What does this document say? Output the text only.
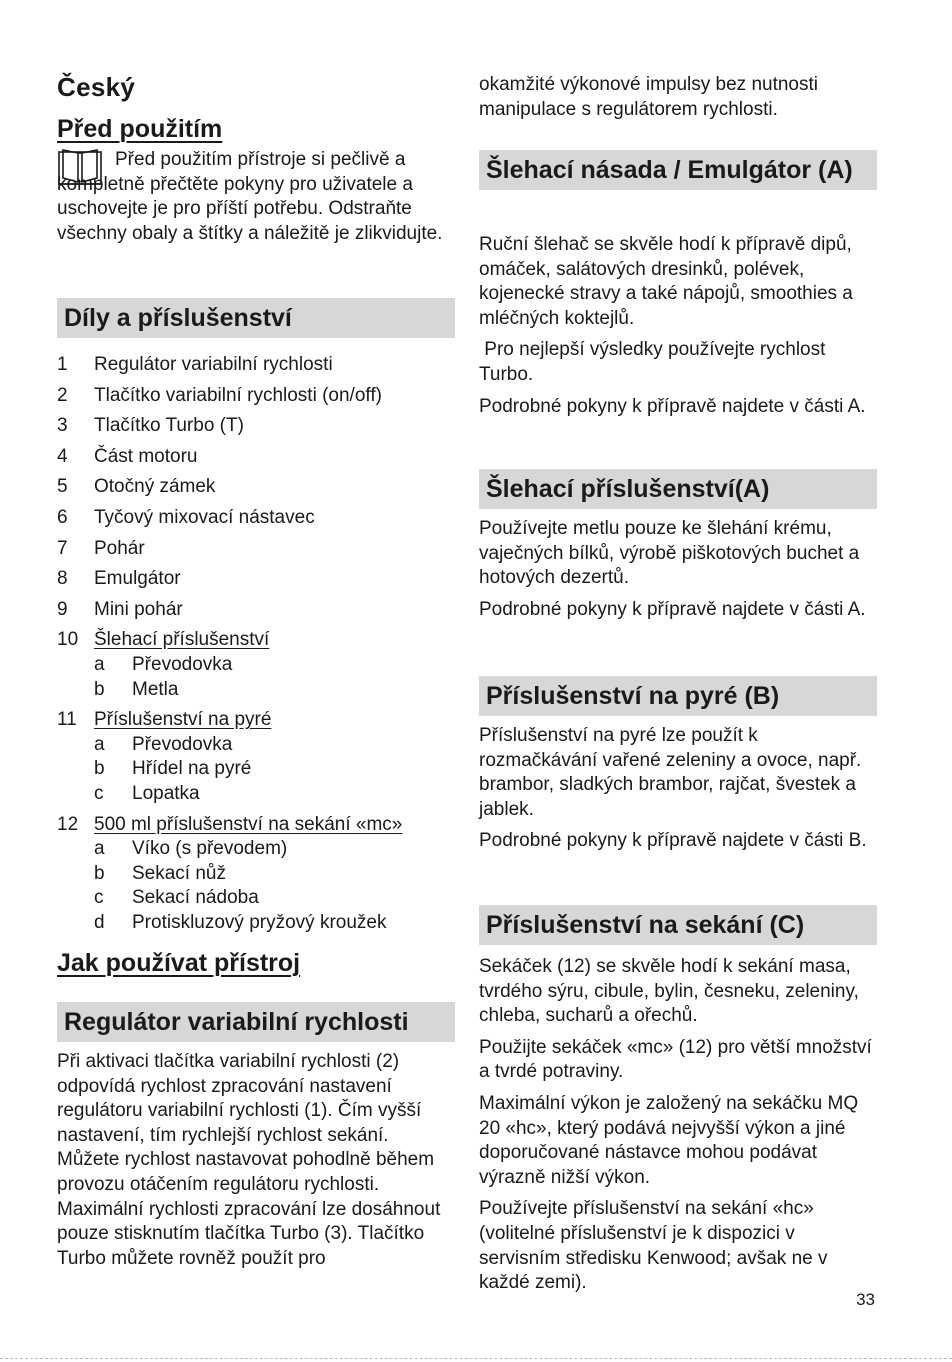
Český
Před použitím

Před použitím přístroje si pečlivě a kompletně přečtěte pokyny pro uživatele a uschovejte je pro příští potřebu. Odstraňte všechny obaly a štítky a náležitě je zlikvidujte.

Díly a příslušenství
1 Regulátor variabilní rychlosti
2 Tlačítko variabilní rychlosti (on/off)
3 Tlačítko Turbo (T)
4 Část motoru
5 Otočný zámek
6 Tyčový mixovací nástavec
7 Pohár
8 Emulgátor
9 Mini pohár
10 Šlehací příslušenství
a Převodovka
b Metla
11 Příslušenství na pyré
a Převodovka
b Hřídel na pyré
c Lopatka
12 500 ml příslušenství na sekání «mc»
a Víko (s převodem)
b Sekací nůž
c Sekací nádoba
d Protiskluzový pryžový kroužek
Jak používat přístroj
Regulátor variabilní rychlosti

Při aktivaci tlačítka variabilní rychlosti (2) odpovídá rychlost zpracování nastavení regulátoru variabilní rychlosti (1). Čím vyšší nastavení, tím rychlejší rychlost sekání. Můžete rychlost nastavovat pohodlně během provozu otáčením regulátoru rychlosti. Maximální rychlosti zpracování lze dosáhnout pouze stisknutím tlačítka Turbo (3). Tlačítko Turbo můžete rovněž použít pro

okamžité výkonové impulsy bez nutnosti manipulace s regulátorem rychlosti.

Šlehací násada / Emulgátor (A)

Ruční šlehač se skvěle hodí k přípravě dipů, omáček, salátových dresinků, polévek, kojenecké stravy a také nápojů, smoothies a mléčných koktejlů.

Pro nejlepší výsledky používejte rychlost Turbo.

Podrobné pokyny k přípravě najdete v části A.

Šlehací příslušenství(A)

Používejte metlu pouze ke šlehání krému, vaječných bílků, výrobě piškotových buchet a hotových dezertů.

Podrobné pokyny k přípravě najdete v části A.

Příslušenství na pyré (B)

Příslušenství na pyré lze použít k rozmačkávání vařené zeleniny a ovoce, např. brambor, sladkých brambor, rajčat, švestek a jablek.

Podrobné pokyny k přípravě najdete v části B.

Příslušenství na sekání (C)

Sekáček (12) se skvěle hodí k sekání masa, tvrdého sýru, cibule, bylin, česneku, zeleniny, chleba, sucharů a ořechů.

Použijte sekáček «mc» (12) pro větší množství a tvrdé potraviny.

Maximální výkon je založený na sekáčku MQ 20 «hc», který podává nejvyšší výkon a jiné doporučované nástavce mohou podávat výrazně nižší výkon.

Používejte příslušenství na sekání «hc» (volitelné příslušenství je k dispozici v servisním středisku Kenwood; avšak ne v každé zemi).

33
